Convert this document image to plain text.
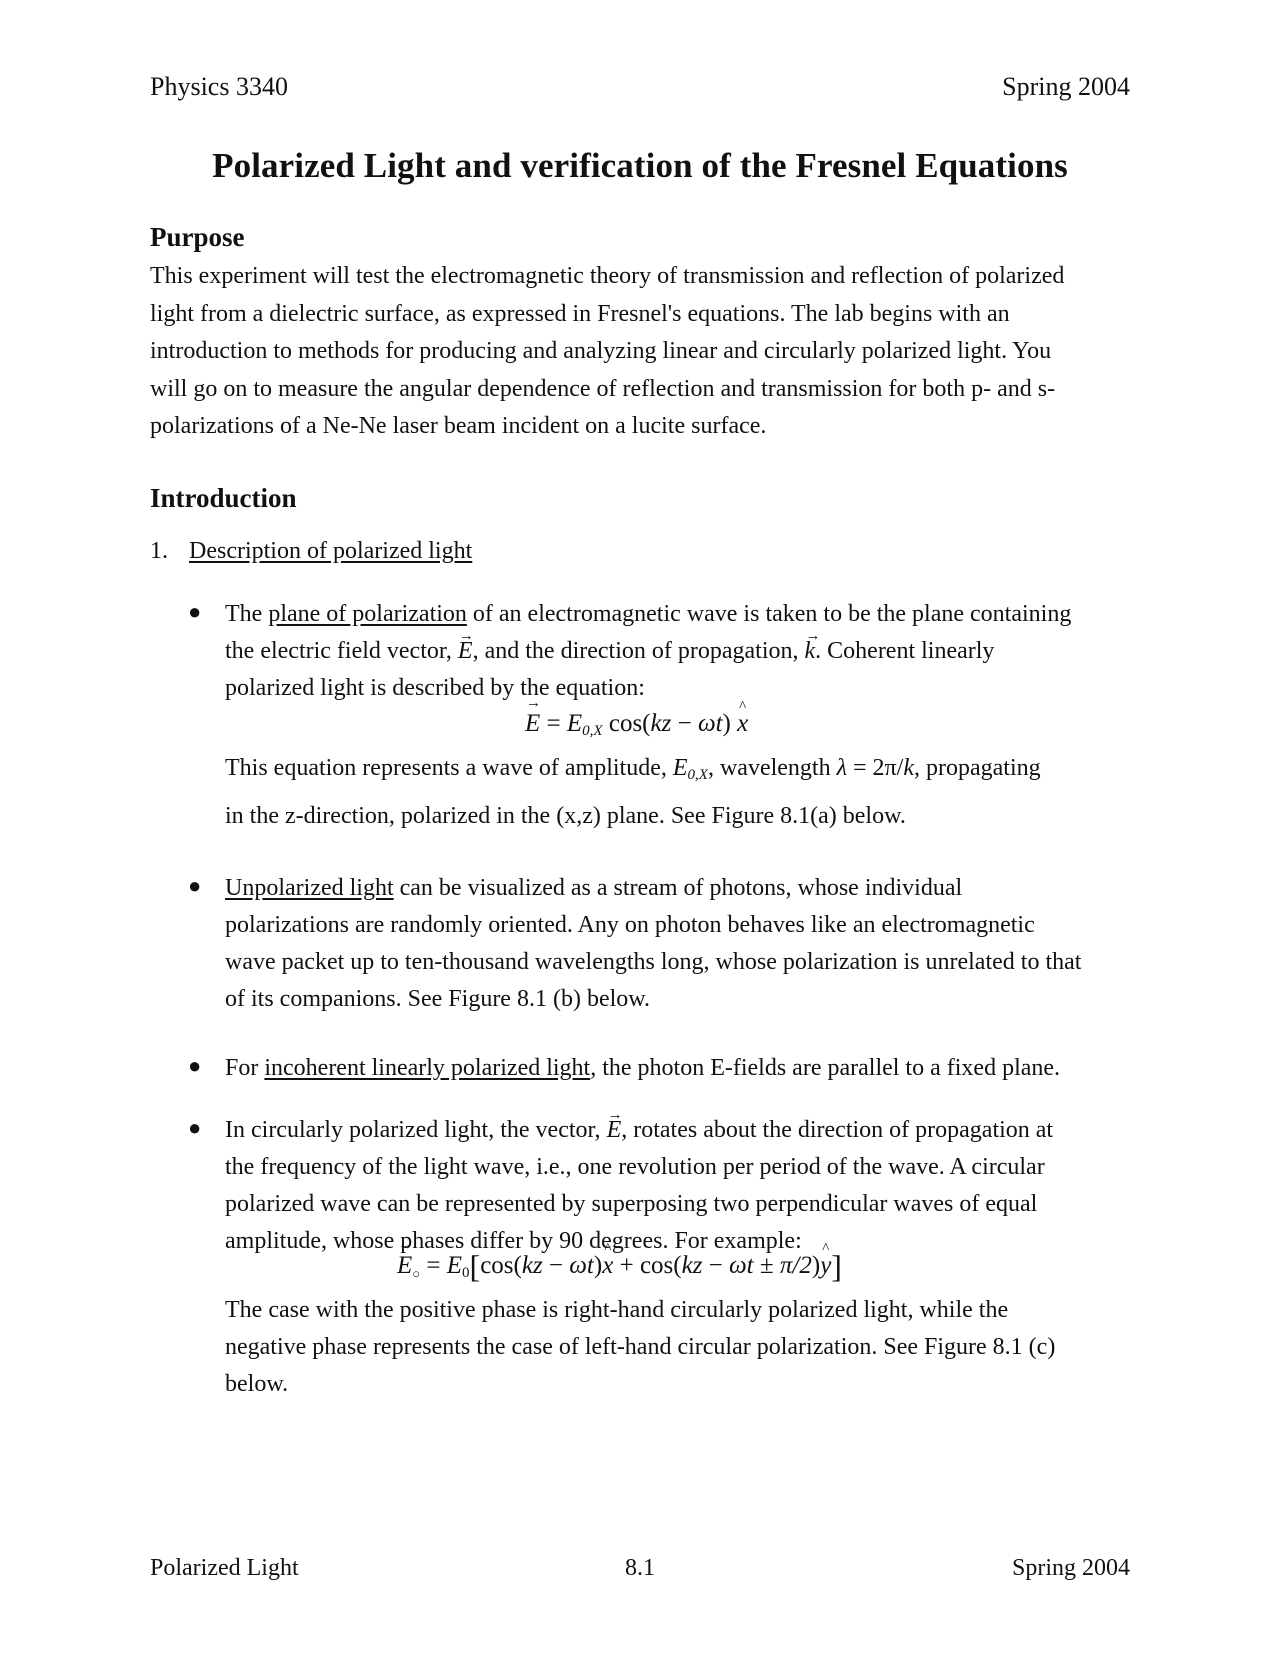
Physics 3340	Spring 2004
Polarized Light and verification of the Fresnel Equations
Purpose
This experiment will test the electromagnetic theory of transmission and reflection of polarized
light from a dielectric surface, as expressed in Fresnel's equations. The lab begins with an
introduction to methods for producing and analyzing linear and circularly polarized light. You
will go on to measure the angular dependence of reflection and transmission for both p- and s-
polarizations of a Ne-Ne laser beam incident on a lucite surface.
Introduction
1. Description of polarized light
● The plane of polarization of an electromagnetic wave is taken to be the plane containing
the electric field vector, → E, and the direction of propagation, → k. Coherent linearly
polarized light is described by the equation:
→ $E = E_{0,X}$ cos(kz − ωt) ^ x
This equation represents a wave of amplitude, $E_{0,X}$, wavelength λ = 2π/k, propagating
in the z-direction, polarized in the (x,z) plane. See Figure 8.1(a) below.
● Unpolarized light can be visualized as a stream of photons, whose individual
polarizations are randomly oriented. Any on photon behaves like an electromagnetic
wave packet up to ten-thousand wavelengths long, whose polarization is unrelated to that
of its companions. See Figure 8.1 (b) below.
● For incoherent linearly polarized light, the photon E-fields are parallel to a fixed plane.
● In circularly polarized light, the vector, → E, rotates about the direction of propagation at
the frequency of the light wave, i.e., one revolution per period of the wave. A circular
polarized wave can be represented by superposing two perpendicular waves of equal
amplitude, whose phases differ by 90 degrees. For example:
→ $E_○ = E_0[\cos(kz$ − ωt)^ x + cos(kz − ωt ± π/2)^ y]
The case with the positive phase is right-hand circularly polarized light, while the
negative phase represents the case of left-hand circular polarization. See Figure 8.1 (c)
below.
Polarized Light	8.1	Spring 2004
